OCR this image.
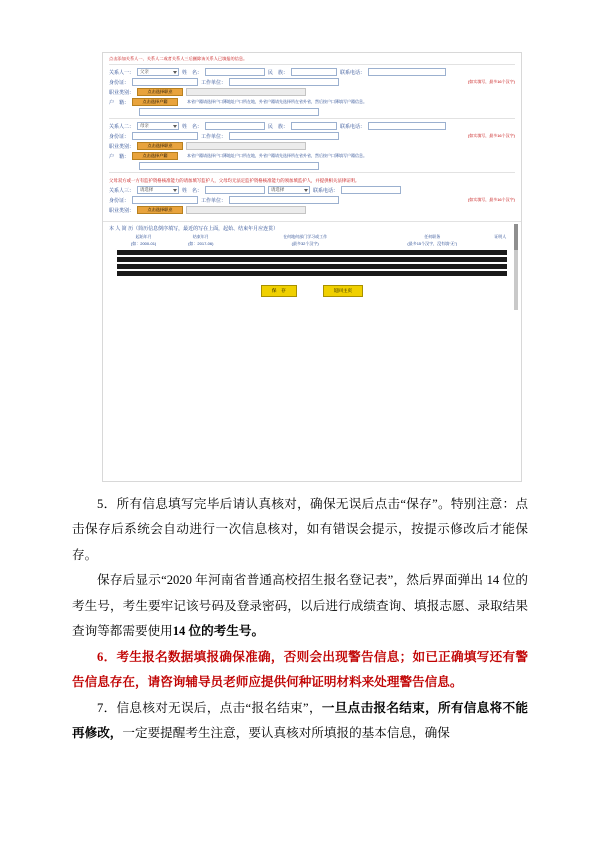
点击添加关系人一、关系人二或者关系人三后删除该关系人已填报的信息。
关系人一：	父亲	姓　名：	民　族：	联系电话：
身份证：	工作单位：	(如实填写，最多16个汉字)
职业类别：	点击选择职业
户　籍：	点击选择户籍	本省户籍请选择户口簿地址户口所在地，外省户籍请先选择所在省外省，然后按户口簿填写户籍信息。
关系人二：	母亲	姓　名：	民　族：	联系电话：
身份证：	工作单位：	(如实填写，最多16个汉字)
职业类别：	点击选择职业
户　籍：	点击选择户籍	本省户籍请选择户口簿地址户口所在地，外省户籍请先选择所在省外省，然后按户口簿填写户籍信息。
父母双方或一方有监护资格核准能力的请加填写监护人，父母均无法定监护资格核准能力的须加填监护人，并提供相关法律证明。
关系人三：	请选择	姓　名：	请选择	联系电话：
身份证：	工作单位：	(如实填写，最多16个汉字)
职业类别：	点击选择职业
本 人 简 历（简历信息倒序填写，最近的写在上面，起始、结束年月应连贯）
起始年月	结束年月	在何地何部门学习或工作	任何职务	证明人
(如：2000-01)	(如：2017-06)	(最多32个汉字)	(最多15个汉字，没有填“无”)
保　存	返回主页

5．所有信息填写完毕后请认真核对，确保无误后点击“保存”。特别注意：点击保存后系统会自动进行一次信息核对，如有错误会提示，按提示修改后才能保存。

保存后显示“2020 年河南省普通高校招生报名登记表”，然后界面弹出 14 位的考生号，考生要牢记该号码及登录密码，以后进行成绩查询、填报志愿、录取结果查询等都需要使用14 位的考生号。

6．考生报名数据填报确保准确，否则会出现警告信息；如已正确填写还有警告信息存在，请咨询辅导员老师应提供何种证明材料来处理警告信息。

7．信息核对无误后，点击“报名结束”，一旦点击报名结束，所有信息将不能再修改，一定要提醒考生注意，要认真核对所填报的基本信息，确保
